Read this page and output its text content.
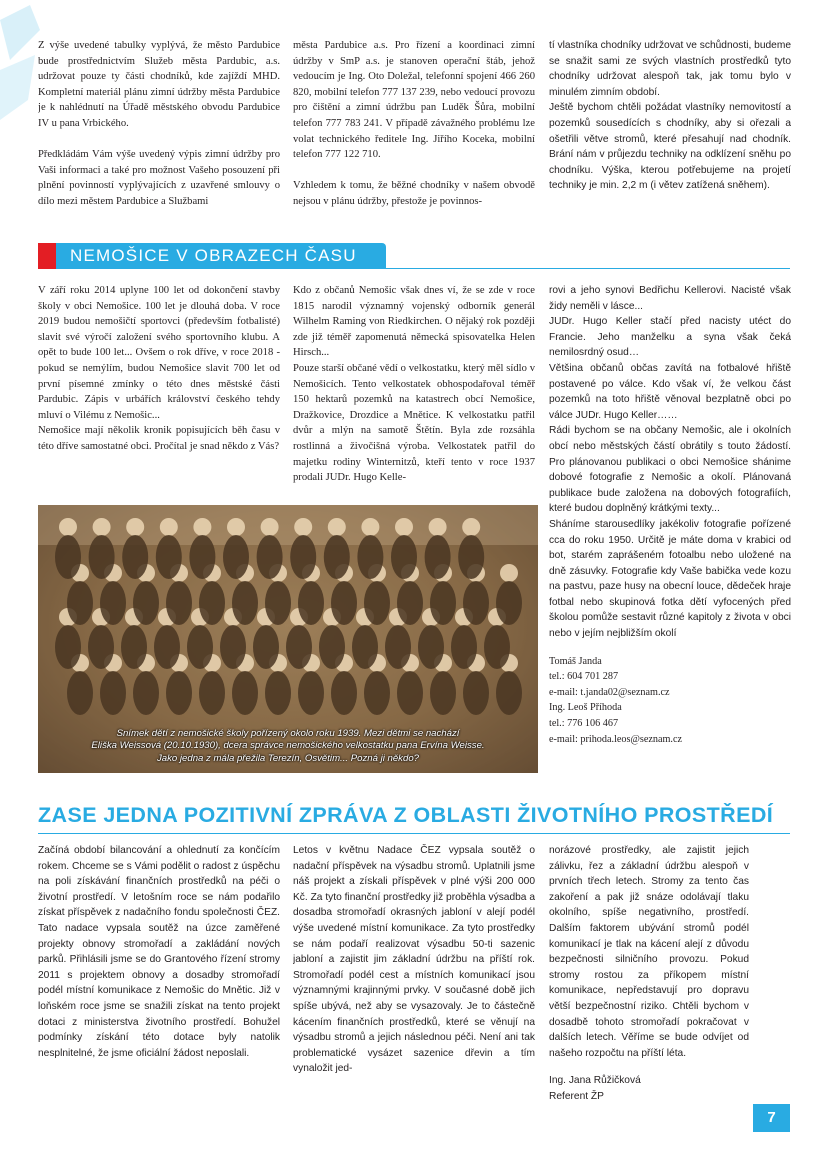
Z výše uvedené tabulky vyplývá, že město Pardubice bude prostřednictvím Služeb města Pardubic, a.s. udržovat pouze ty části chodníků, kde zajíždí MHD. Kompletní materiál plánu zimní údržby města Pardubice je k nahlédnutí na Úřadě městského obvodu Pardubice IV u pana Vrbického.

Předkládám Vám výše uvedený výpis zimní údržby pro Vaši informaci a také pro možnost Vašeho posouzení při plnění povinností vyplývajících z uzavřené smlouvy o dílo mezi městem Pardubice a Službami

města Pardubice a.s. Pro řízení a koordinaci zimní údržby v SmP a.s. je stanoven operační štáb, jehož vedoucím je Ing. Oto Doležal, telefonní spojení 466 260 820, mobilní telefon 777 137 239, nebo vedoucí provozu pro čištění a zimní údržbu pan Luděk Šůra, mobilní telefon 777 783 241. V případě závažného problému lze volat technického ředitele Ing. Jiřího Koceka, mobilní telefon 777 122 710.

Vzhledem k tomu, že běžné chodníky v našem obvodě nejsou v plánu údržby, přestože je povinnos-

tí vlastníka chodníky udržovat ve schůdnosti, budeme se snažit sami ze svých vlastních prostředků tyto chodníky udržovat alespoň tak, jak tomu bylo v minulém zimním období.

Ještě bychom chtěli požádat vlastníky nemovitostí a pozemků sousedících s chodníky, aby si ořezali a ošetřili větve stromů, které přesahují nad chodník. Brání nám v průjezdu techniky na odklízení sněhu po chodníku. Výška, kterou potřebujeme na projetí techniky je min. 2,2 m (i větev zatížená sněhem).

NEMOŠICE V OBRAZECH ČASU

V září roku 2014 uplyne 100 let od dokončení stavby školy v obci Nemošice. 100 let je dlouhá doba. V roce 2019 budou nemošičtí sportovci (především fotbalisté) slavit své výročí založení svého sportovního klubu. A opět to bude 100 let... Ovšem o rok dříve, v roce 2018 - pokud se nemýlím, budou Nemošice slavit 700 let od první písemné zmínky o této dnes městské části Pardubic. Zápis v urbářích království českého tehdy mluví o Vilému z Nemošic...

Nemošice mají několik kronik popisujících běh času v této dříve samostatné obci. Pročítal je snad někdo z Vás?

Kdo z občanů Nemošic však dnes ví, že se zde v roce 1815 narodil významný vojenský odborník generál Wilhelm Raming von Riedkirchen. O nějaký rok později zde již téměř zapomenutá německá spisovatelka Helen Hirsch...

Pouze starší občané vědí o velkostatku, který měl sídlo v Nemošicích. Tento velkostatek obhospodařoval téměř 150 hektarů pozemků na katastrech obcí Nemošice, Dražkovice, Drozdice a Mnětice. K velkostatku patřil dvůr a mlýn na samotě Štětín. Byla zde rozsáhla rostlinná a živočišná výroba. Velkostatek patřil do majetku rodiny Winternitzů, kteří tento v roce 1937 prodali JUDr. Hugo Kelle-

rovi a jeho synovi Bedřichu Kellerovi. Nacisté však židy neměli v lásce...

JUDr. Hugo Keller stačí před nacisty utéct do Francie. Jeho manželku a syna však čeká nemilosrdný osud…

Většina občanů občas zavítá na fotbalové hřiště postavené po válce. Kdo však ví, že velkou část pozemků na toto hřiště věnoval bezplatně obci po válce JUDr. Hugo Keller……

Rádi bychom se na občany Nemošic, ale i okolních obcí nebo městských částí obrátily s touto žádostí. Pro plánovanou publikaci o obci Nemošice shánime dobové fotografie z Nemošic a okolí. Plánovaná publikace bude založena na dobových fotografiích, které budou doplněný krátkými texty...

Sháníme starousedlíky jakékoliv fotografie pořízené cca do roku 1950. Určitě je máte doma v krabici od bot, starém zaprášeném fotoalbu nebo uložené na dně zásuvky. Fotografie kdy Vaše babička vede kozu na pastvu, paze husy na obecní louce, dědeček hraje fotbal nebo skupinová fotka dětí vyfocených před školou pomůže sestavit různé kapitoly z života v obci nebo v jejím nejbližším okolí

Tomáš Janda
tel.: 604 701 287
e-mail: t.janda02@seznam.cz
Ing. Leoš Příhoda
tel.: 776 106 467
e-mail: prihoda.leos@seznam.cz
Snímek dětí z nemošické školy pořízený okolo roku 1939. Mezi dětmi se nachází
Eliška Weissová (20.10.1930), dcera správce nemošického velkostatku pana Ervína Weisse.
Jako jedna z mála přežila Terezín, Osvětim... Pozná ji někdo?
ZASE JEDNA POZITIVNÍ ZPRÁVA Z OBLASTI ŽIVOTNÍHO PROSTŘEDÍ

Začíná období bilancování a ohlednutí za končícím rokem. Chceme se s Vámi podělit o radost z úspěchu na poli získávání finančních prostředků na péči o životní prostředí. V letošním roce se nám podařilo získat příspěvek z nadačního fondu společnosti ČEZ. Tato nadace vypsala soutěž na úzce zaměřené projekty obnovy stromořadí a zakládání nových parků. Přihlásili jsme se do Grantového řízení stromy 2011 s projektem obnovy a dosadby stromořadí podél místní komunikace z Nemošic do Mnětic. Již v loňském roce jsme se snažili získat na tento projekt dotaci z ministerstva životního prostředí. Bohužel podmínky získání této dotace byly natolik nesplnitelné, že jsme oficiální žádost neposlali.

Letos v květnu Nadace ČEZ vypsala soutěž o nadační příspěvek na výsadbu stromů. Uplatnili jsme náš projekt a získali příspěvek v plné výši 200 000 Kč. Za tyto finanční prostředky již proběhla výsadba a dosadba stromořadí okrasných jabloní v alejí podél výše uvedené místní komunikace. Za tyto prostředky se nám podaří realizovat výsadbu 50-ti sazenic jabloní a zajistit jim základní údržbu na příští rok. Stromořadí podél cest a místních komunikací jsou významnými krajinnými prvky. V současné době jich spíše ubývá, než aby se vysazovaly. Je to částečně kácením finančních prostředků, které se věnují na výsadbu stromů a jejich následnou péči. Není ani tak problematické vysázet sazenice dřevin a tím vynaložit jed-

norázové prostředky, ale zajistit jejich zálivku, řez a základní údržbu alespoň v prvních třech letech. Stromy za tento čas zakoření a pak již snáze odolávají tlaku okolního, spíše negativního, prostředí. Dalším faktorem ubývání stromů podél komunikací je tlak na kácení alejí z důvodu bezpečnosti silničního provozu. Pokud stromy rostou za příkopem místní komunikace, nepředstavují pro dopravu větší bezpečnostní riziko. Chtěli bychom v dosadbě tohoto stromořadí pokračovat v dalších letech. Věříme se bude odvíjet od našeho rozpočtu na příští léta.

Ing. Jana Růžičková
Referent ŽP
7
